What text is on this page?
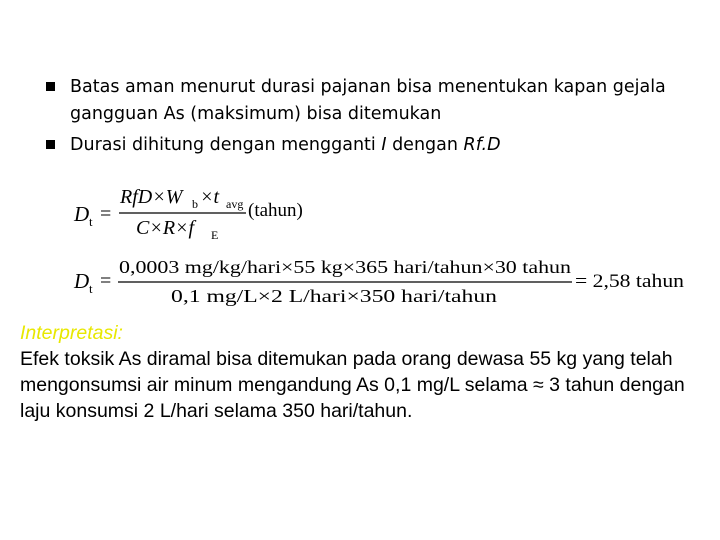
Batas aman menurut durasi pajanan bisa menentukan kapan gejala gangguan As (maksimum) bisa ditemukan
Durasi dihitung dengan mengganti I dengan Rf.D
D t =
RfD×W b ×t avg
C×R×f E
(tahun)
D t =
0,0003 mg/kg/hari×55 kg×365 hari/tahun×30 tahun
0,1 mg/L×2 L/hari×350 hari/tahun
= 2,58 tahun
Interpretasi:
Efek toksik As diramal bisa ditemukan pada orang dewasa 55 kg yang telah mengonsumsi air minum mengandung As 0,1 mg/L selama ≈ 3 tahun dengan laju konsumsi 2 L/hari selama 350 hari/tahun.
